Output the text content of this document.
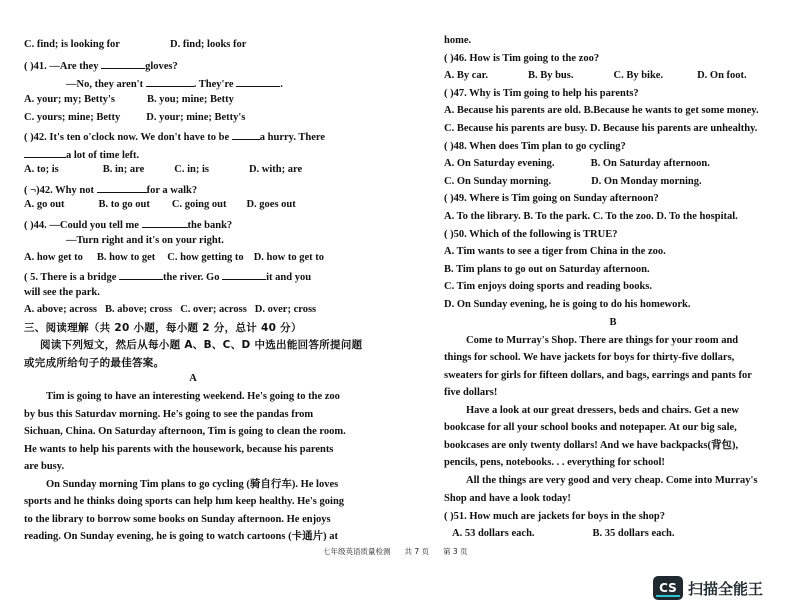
C. find; is looking for	D. find; looks for
( )41. —Are they	gloves?
—No, they aren't	. They're	.
A. your; my; Betty's	B. you; mine; Betty
C. yours; mine; Betty D. your; mine; Betty's
( )42. It's ten o'clock now. We don't have to be	a hurry. There
a lot of time left.
A. to; is	B. in; are	C. in; is	D. with; are
( ¬)42. Why not	for a walk?
A. go out	B. to go out C. going out D. goes out
( )44. —Could you tell me	the bank?
—Turn right and it's on your right.
A. how get to B. how to get C. how getting to D. how to get to
( 5. There is a bridge	the river. Go	it and you
will see the park.
A. above; across B. above; cross C. over; across D. over; cross
三、阅读理解（共 20 小题，每小题 2 分，总计 40 分）
阅读下列短文，然后从每小题 A、B、C、D 中选出能回答所提问题
或完成所给句子的最佳答案。
A
Tim is going to have an interesting weekend. He's going to the zoo
by bus this Saturdav morning. He's going to see the pandas from
Sichuan, China. On Saturday afternoon, Tim is going to clean the room.
He wants to help his parents with the housework, because his parents
are busy.
On Sunday morning Tim plans to go cycling (骑自行车). He loves
sports and he thinks doing sports can help hım keep healthy. He's going
to the library to borrow some books on Sunday afternoon. He enjoys
reading. On Sunday evening, he is going to watch cartoons (卡通片) at
七年级英语质量检测 共 7 页 第 3 页
home.
( )46. How is Tim going to the zoo?
A. By car.	B. By bus.	C. By bike.	D. On foot.
( )47. Why is Tim going to help his parents?
A. Because his parents are old. B.Because he wants to get some money.
C. Because his parents are busy. D. Because his parents are unhealthy.
( )48. When does Tim plan to go cycling?
A. On Saturday evening.	B. On Saturday afternoon.
C. On Sunday morning.	D. On Monday morning.
( )49. Where is Tim going on Sunday afternoon?
A. To the library. B. To the park. C. To the zoo. D. To the hospital.
( )50. Which of the following is TRUE?
A. Tim wants to see a tiger from China in the zoo.
B. Tim plans to go out on Saturday afternoon.
C. Tim enjoys doing sports and reading books.
D. On Sunday evening, he is going to do his homework.
B
Come to Murray's Shop. There are things for your room and
things for school. We have jackets for boys for thirty-five dollars,
sweaters for girls for fifteen dollars, and bags, earrings and pants for
five dollars!
Have a look at our great dressers, beds and chairs. Get a new
bookcase for all your school books and notepaper. At our big sale,
bookcases are only twenty dollars! And we have backpacks(背包),
pencils, pens, notebooks. . . everything for school!
All the things are very good and very cheap. Come into Murray's
Shop and have a look today!
( )51. How much are jackets for boys in the shop?
A. 53 dollars each.	B. 35 dollars each.
CS 扫描全能王
